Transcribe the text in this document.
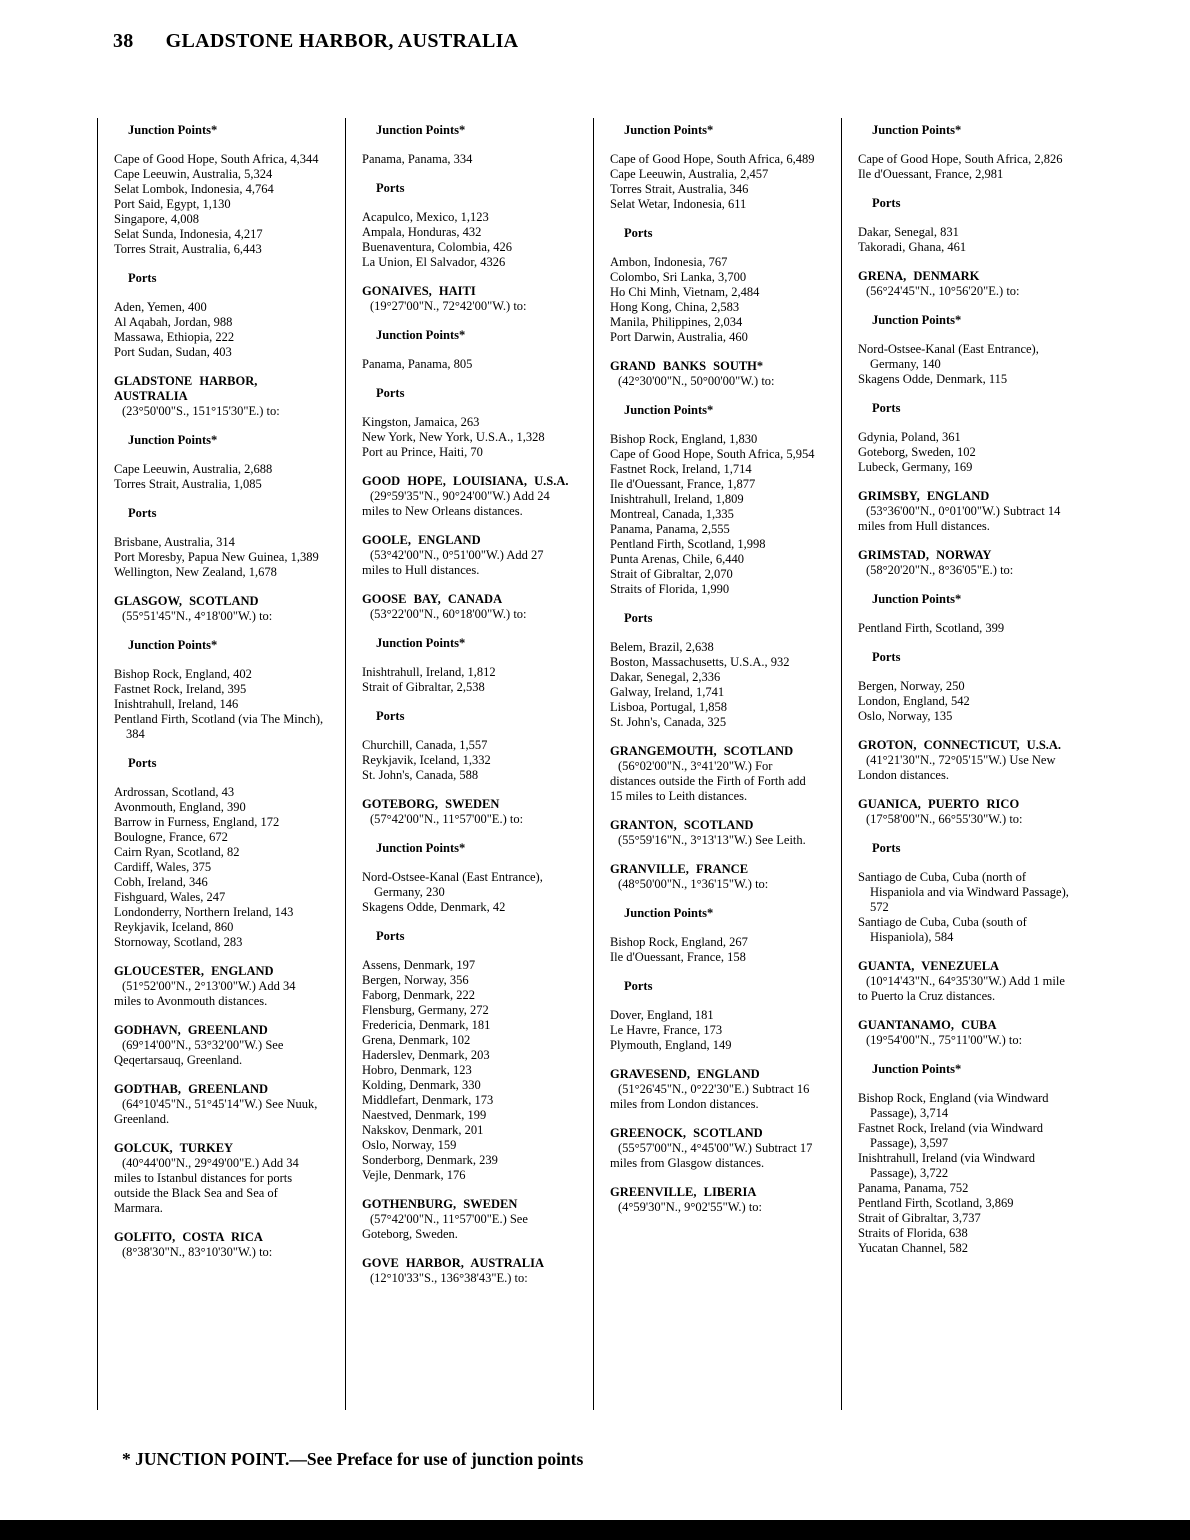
38 GLADSTONE HARBOR, AUSTRALIA

Junction Points*

Cape of Good Hope, South Africa, 4,344

Cape Leeuwin, Australia, 5,324

Selat Lombok, Indonesia, 4,764

Port Said, Egypt, 1,130

Singapore, 4,008

Selat Sunda, Indonesia, 4,217

Torres Strait, Australia, 6,443

Ports

Aden, Yemen, 400

Al Aqabah, Jordan, 988

Massawa, Ethiopia, 222

Port Sudan, Sudan, 403

GLADSTONE HARBOR, AUSTRALIA

(23°50'00"S., 151°15'30"E.) to:

Junction Points*

Cape Leeuwin, Australia, 2,688

Torres Strait, Australia, 1,085

Ports

Brisbane, Australia, 314

Port Moresby, Papua New Guinea, 1,389

Wellington, New Zealand, 1,678

GLASGOW, SCOTLAND

(55°51'45"N., 4°18'00"W.) to:

Junction Points*

Bishop Rock, England, 402

Fastnet Rock, Ireland, 395

Inishtrahull, Ireland, 146

Pentland Firth, Scotland (via The Minch), 384

Ports

Ardrossan, Scotland, 43

Avonmouth, England, 390

Barrow in Furness, England, 172

Boulogne, France, 672

Cairn Ryan, Scotland, 82

Cardiff, Wales, 375

Cobh, Ireland, 346

Fishguard, Wales, 247

Londonderry, Northern Ireland, 143

Reykjavik, Iceland, 860

Stornoway, Scotland, 283

GLOUCESTER, ENGLAND

(51°52'00"N., 2°13'00"W.) Add 34 miles to Avonmouth distances.

GODHAVN, GREENLAND

(69°14'00"N., 53°32'00"W.) See Qeqertarsauq, Greenland.

GODTHAB, GREENLAND

(64°10'45"N., 51°45'14"W.) See Nuuk, Greenland.

GOLCUK, TURKEY

(40°44'00"N., 29°49'00"E.) Add 34 miles to Istanbul distances for ports outside the Black Sea and Sea of Marmara.

GOLFITO, COSTA RICA

(8°38'30"N., 83°10'30"W.) to:

Junction Points*

Panama, Panama, 334

Ports

Acapulco, Mexico, 1,123

Ampala, Honduras, 432

Buenaventura, Colombia, 426

La Union, El Salvador, 4326

GONAIVES, HAITI

(19°27'00"N., 72°42'00"W.) to:

Junction Points*

Panama, Panama, 805

Ports

Kingston, Jamaica, 263

New York, New York, U.S.A., 1,328

Port au Prince, Haiti, 70

GOOD HOPE, LOUISIANA, U.S.A.

(29°59'35"N., 90°24'00"W.) Add 24 miles to New Orleans distances.

GOOLE, ENGLAND

(53°42'00"N., 0°51'00"W.) Add 27 miles to Hull distances.

GOOSE BAY, CANADA

(53°22'00"N., 60°18'00"W.) to:

Junction Points*

Inishtrahull, Ireland, 1,812

Strait of Gibraltar, 2,538

Ports

Churchill, Canada, 1,557

Reykjavik, Iceland, 1,332

St. John's, Canada, 588

GOTEBORG, SWEDEN

(57°42'00"N., 11°57'00"E.) to:

Junction Points*

Nord-Ostsee-Kanal (East Entrance), Germany, 230

Skagens Odde, Denmark, 42

Ports

Assens, Denmark, 197

Bergen, Norway, 356

Faborg, Denmark, 222

Flensburg, Germany, 272

Fredericia, Denmark, 181

Grena, Denmark, 102

Haderslev, Denmark, 203

Hobro, Denmark, 123

Kolding, Denmark, 330

Middlefart, Denmark, 173

Naestved, Denmark, 199

Nakskov, Denmark, 201

Oslo, Norway, 159

Sonderborg, Denmark, 239

Vejle, Denmark, 176

GOTHENBURG, SWEDEN

(57°42'00"N., 11°57'00"E.) See Goteborg, Sweden.

GOVE HARBOR, AUSTRALIA

(12°10'33"S., 136°38'43"E.) to:

Junction Points*

Cape of Good Hope, South Africa, 6,489

Cape Leeuwin, Australia, 2,457

Torres Strait, Australia, 346

Selat Wetar, Indonesia, 611

Ports

Ambon, Indonesia, 767

Colombo, Sri Lanka, 3,700

Ho Chi Minh, Vietnam, 2,484

Hong Kong, China, 2,583

Manila, Philippines, 2,034

Port Darwin, Australia, 460

GRAND BANKS SOUTH*

(42°30'00"N., 50°00'00"W.) to:

Junction Points*

Bishop Rock, England, 1,830

Cape of Good Hope, South Africa, 5,954

Fastnet Rock, Ireland, 1,714

Ile d'Ouessant, France, 1,877

Inishtrahull, Ireland, 1,809

Montreal, Canada, 1,335

Panama, Panama, 2,555

Pentland Firth, Scotland, 1,998

Punta Arenas, Chile, 6,440

Strait of Gibraltar, 2,070

Straits of Florida, 1,990

Ports

Belem, Brazil, 2,638

Boston, Massachusetts, U.S.A., 932

Dakar, Senegal, 2,336

Galway, Ireland, 1,741

Lisboa, Portugal, 1,858

St. John's, Canada, 325

GRANGEMOUTH, SCOTLAND

(56°02'00"N., 3°41'20"W.) For distances outside the Firth of Forth add 15 miles to Leith distances.

GRANTON, SCOTLAND

(55°59'16"N., 3°13'13"W.) See Leith.

GRANVILLE, FRANCE

(48°50'00"N., 1°36'15"W.) to:

Junction Points*

Bishop Rock, England, 267

Ile d'Ouessant, France, 158

Ports

Dover, England, 181

Le Havre, France, 173

Plymouth, England, 149

GRAVESEND, ENGLAND

(51°26'45"N., 0°22'30"E.) Subtract 16 miles from London distances.

GREENOCK, SCOTLAND

(55°57'00"N., 4°45'00"W.) Subtract 17 miles from Glasgow distances.

GREENVILLE, LIBERIA

(4°59'30"N., 9°02'55"W.) to:

Junction Points*

Cape of Good Hope, South Africa, 2,826

Ile d'Ouessant, France, 2,981

Ports

Dakar, Senegal, 831

Takoradi, Ghana, 461

GRENA, DENMARK

(56°24'45"N., 10°56'20"E.) to:

Junction Points*

Nord-Ostsee-Kanal (East Entrance), Germany, 140

Skagens Odde, Denmark, 115

Ports

Gdynia, Poland, 361

Goteborg, Sweden, 102

Lubeck, Germany, 169

GRIMSBY, ENGLAND

(53°36'00"N., 0°01'00"W.) Subtract 14 miles from Hull distances.

GRIMSTAD, NORWAY

(58°20'20"N., 8°36'05"E.) to:

Junction Points*

Pentland Firth, Scotland, 399

Ports

Bergen, Norway, 250

London, England, 542

Oslo, Norway, 135

GROTON, CONNECTICUT, U.S.A.

(41°21'30"N., 72°05'15"W.) Use New London distances.

GUANICA, PUERTO RICO

(17°58'00"N., 66°55'30"W.) to:

Ports

Santiago de Cuba, Cuba (north of Hispaniola and via Windward Passage), 572

Santiago de Cuba, Cuba (south of Hispaniola), 584

GUANTA, VENEZUELA

(10°14'43"N., 64°35'30"W.) Add 1 mile to Puerto la Cruz distances.

GUANTANAMO, CUBA

(19°54'00"N., 75°11'00"W.) to:

Junction Points*

Bishop Rock, England (via Windward Passage), 3,714

Fastnet Rock, Ireland (via Windward Passage), 3,597

Inishtrahull, Ireland (via Windward Passage), 3,722

Panama, Panama, 752

Pentland Firth, Scotland, 3,869

Strait of Gibraltar, 3,737

Straits of Florida, 638

Yucatan Channel, 582

* JUNCTION POINT.—See Preface for use of junction points
